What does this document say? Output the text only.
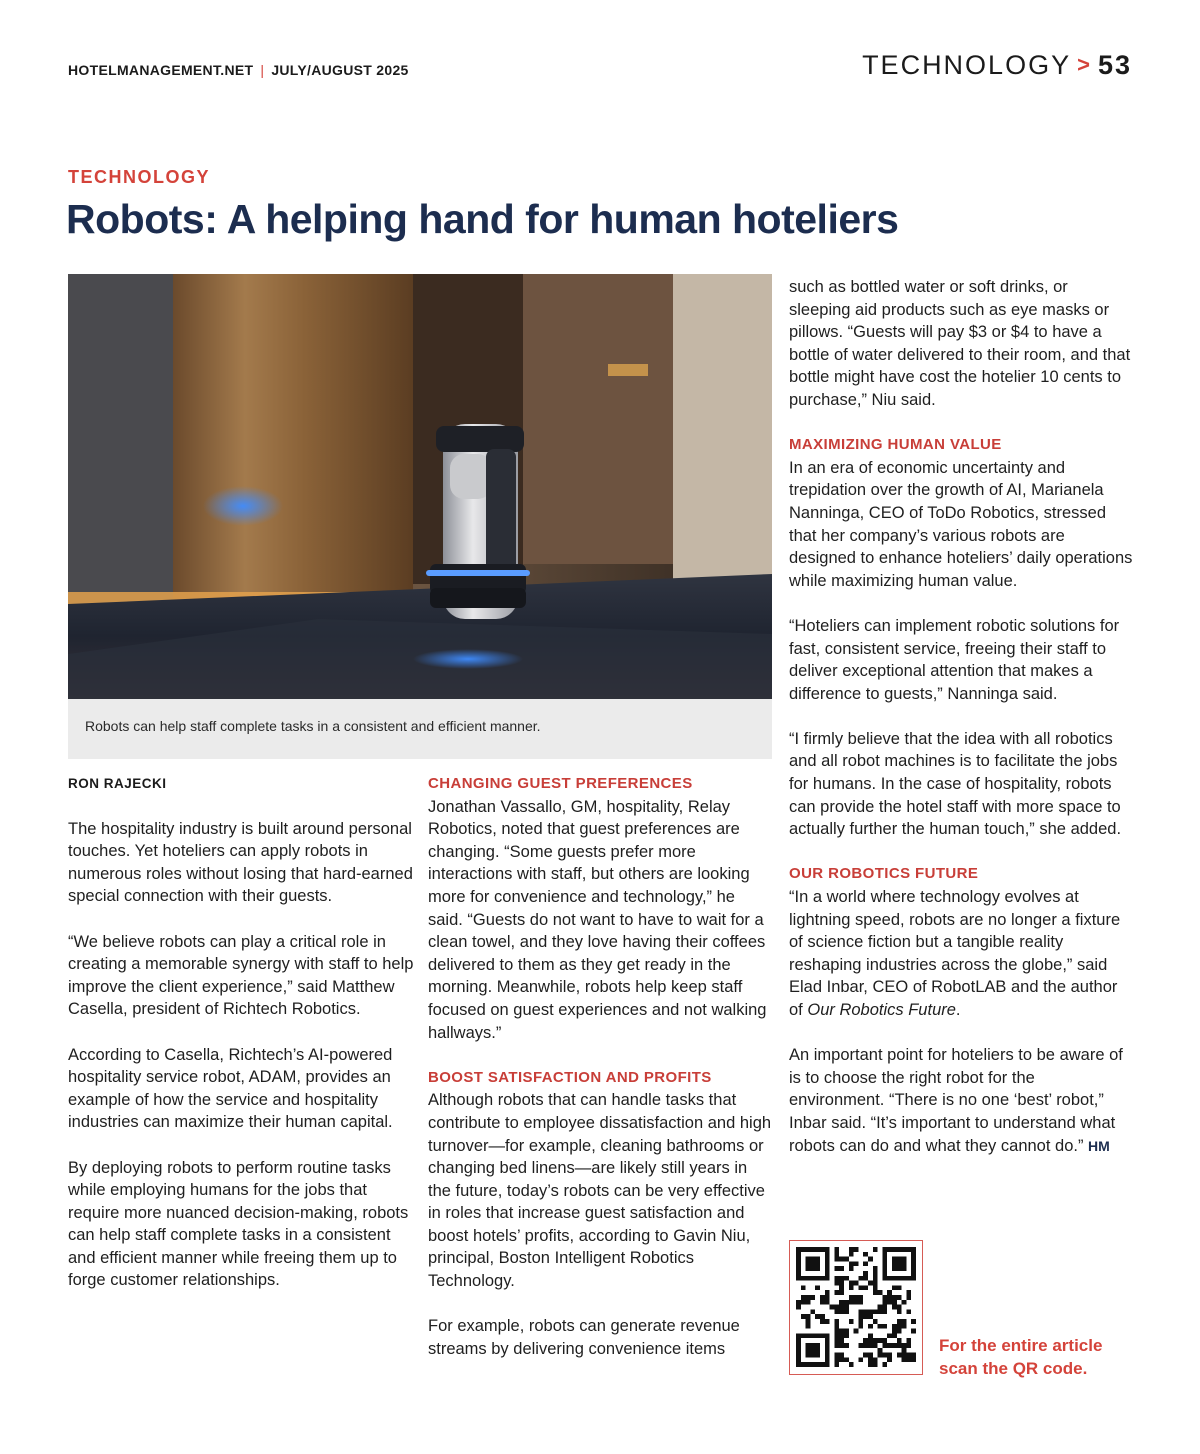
HOTELMANAGEMENT.NET | JULY/AUGUST 2025	TECHNOLOGY > 53
TECHNOLOGY
Robots: A helping hand for human hoteliers
Robots can help staff complete tasks in a consistent and efficient manner.

RON RAJECKI

The hospitality industry is built around personal touches. Yet hoteliers can apply robots in numerous roles without losing that hard-earned special connection with their guests.

“We believe robots can play a critical role in creating a memorable synergy with staff to help improve the client experience,” said Matthew Casella, president of Richtech Robotics.

According to Casella, Richtech’s AI-powered hospitality service robot, ADAM, provides an example of how the service and hospitality industries can maximize their human capital.

By deploying robots to perform routine tasks while employing humans for the jobs that require more nuanced decision-making, robots can help staff complete tasks in a consistent and efficient manner while freeing them up to forge customer relationships.

CHANGING GUEST PREFERENCES

Jonathan Vassallo, GM, hospitality, Relay Robotics, noted that guest preferences are changing. “Some guests prefer more interactions with staff, but others are looking more for convenience and technology,” he said. “Guests do not want to have to wait for a clean towel, and they love having their coffees delivered to them as they get ready in the morning. Meanwhile, robots help keep staff focused on guest experiences and not walking hallways.”

BOOST SATISFACTION AND PROFITS

Although robots that can handle tasks that contribute to employee dissatisfaction and high turnover—for example, cleaning bathrooms or changing bed linens—are likely still years in the future, today’s robots can be very effective in roles that increase guest satisfaction and boost hotels’ profits, according to Gavin Niu, principal, Boston Intelligent Robotics Technology.

For example, robots can generate revenue streams by delivering convenience items

such as bottled water or soft drinks, or sleeping aid products such as eye masks or pillows. “Guests will pay $3 or $4 to have a bottle of water delivered to their room, and that bottle might have cost the hotelier 10 cents to purchase,” Niu said.

MAXIMIZING HUMAN VALUE

In an era of economic uncertainty and trepidation over the growth of AI, Marianela Nanninga, CEO of ToDo Robotics, stressed that her company’s various robots are designed to enhance hoteliers’ daily operations while maximizing human value.

“Hoteliers can implement robotic solutions for fast, consistent service, freeing their staff to deliver exceptional attention that makes a difference to guests,” Nanninga said.

“I firmly believe that the idea with all robotics and all robot machines is to facilitate the jobs for humans. In the case of hospitality, robots can provide the hotel staff with more space to actually further the human touch,” she added.

OUR ROBOTICS FUTURE

“In a world where technology evolves at lightning speed, robots are no longer a fixture of science fiction but a tangible reality reshaping industries across the globe,” said Elad Inbar, CEO of RobotLAB and the author of Our Robotics Future.

An important point for hoteliers to be aware of is to choose the right robot for the environment. “There is no one ‘best’ robot,” Inbar said. “It’s important to understand what robots can do and what they cannot do.” HM

For the entire article
scan the QR code.
